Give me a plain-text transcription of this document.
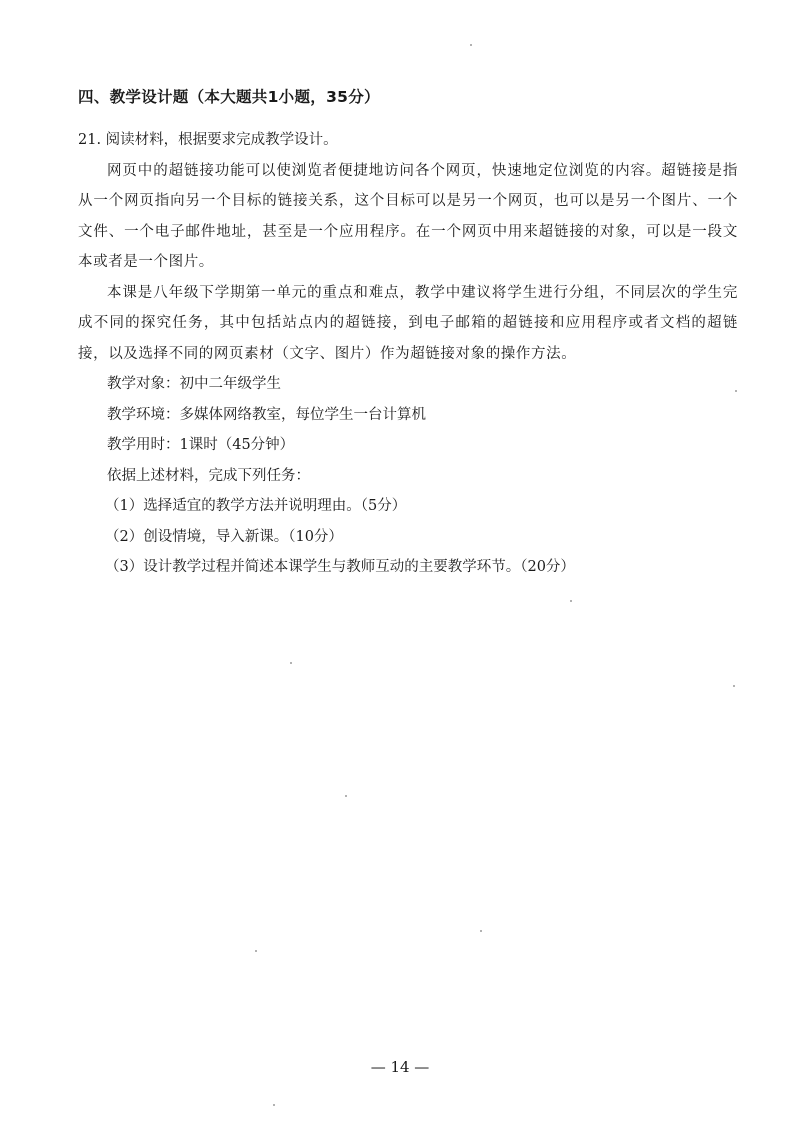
四、教学设计题（本大题共1小题，35分）
21. 阅读材料，根据要求完成教学设计。
网页中的超链接功能可以使浏览者便捷地访问各个网页，快速地定位浏览的内容。超链接是指从一个网页指向另一个目标的链接关系，这个目标可以是另一个网页，也可以是另一个图片、一个文件、一个电子邮件地址，甚至是一个应用程序。在一个网页中用来超链接的对象，可以是一段文本或者是一个图片。
本课是八年级下学期第一单元的重点和难点，教学中建议将学生进行分组，不同层次的学生完成不同的探究任务，其中包括站点内的超链接，到电子邮箱的超链接和应用程序或者文档的超链接，以及选择不同的网页素材（文字、图片）作为超链接对象的操作方法。
教学对象：初中二年级学生
教学环境：多媒体网络教室，每位学生一台计算机
教学用时：1课时（45分钟）
依据上述材料，完成下列任务：
（1）选择适宜的教学方法并说明理由。（5分）
（2）创设情境，导入新课。（10分）
（3）设计教学过程并简述本课学生与教师互动的主要教学环节。（20分）
— 14 —
